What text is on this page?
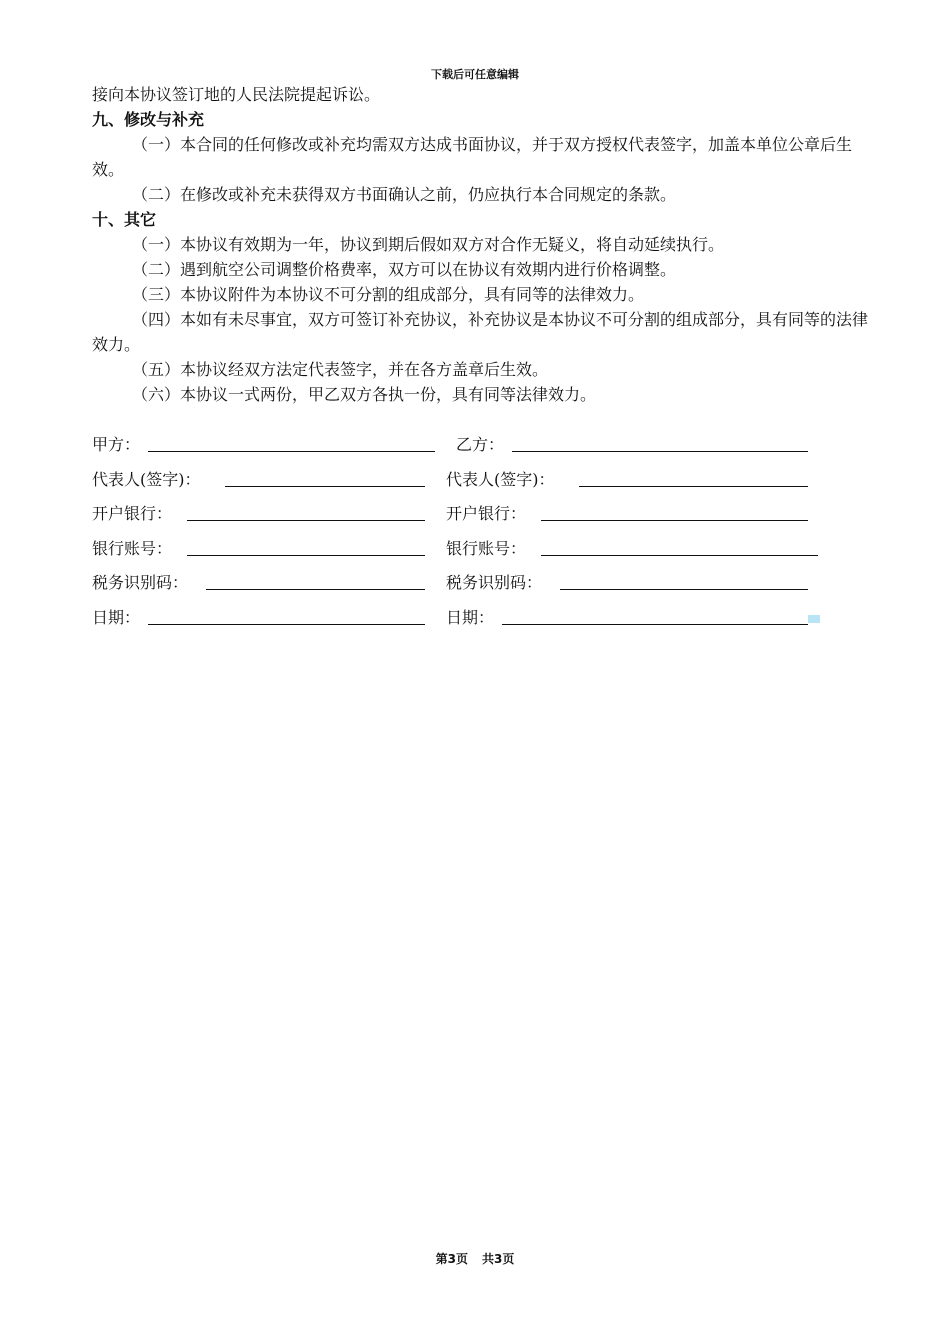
下载后可任意编辑

接向本协议签订地的人民法院提起诉讼。

九、修改与补充

（一）本合同的任何修改或补充均需双方达成书面协议，并于双方授权代表签字，加盖本单位公章后生效。

（二）在修改或补充未获得双方书面确认之前，仍应执行本合同规定的条款。

十、其它

（一）本协议有效期为一年，协议到期后假如双方对合作无疑义，将自动延续执行。

（二）遇到航空公司调整价格费率，双方可以在协议有效期内进行价格调整。

（三）本协议附件为本协议不可分割的组成部分，具有同等的法律效力。

（四）本如有未尽事宜，双方可签订补充协议，补充协议是本协议不可分割的组成部分，具有同等的法律效力。

（五）本协议经双方法定代表签字，并在各方盖章后生效。

（六）本协议一式两份，甲乙双方各执一份，具有同等法律效力。

甲方：	乙方：
代表人(签字)：	代表人(签字)：
开户银行：	开户银行：
银行账号：	银行账号：
税务识别码：	税务识别码：
日期：	日期：
第3页 共3页
